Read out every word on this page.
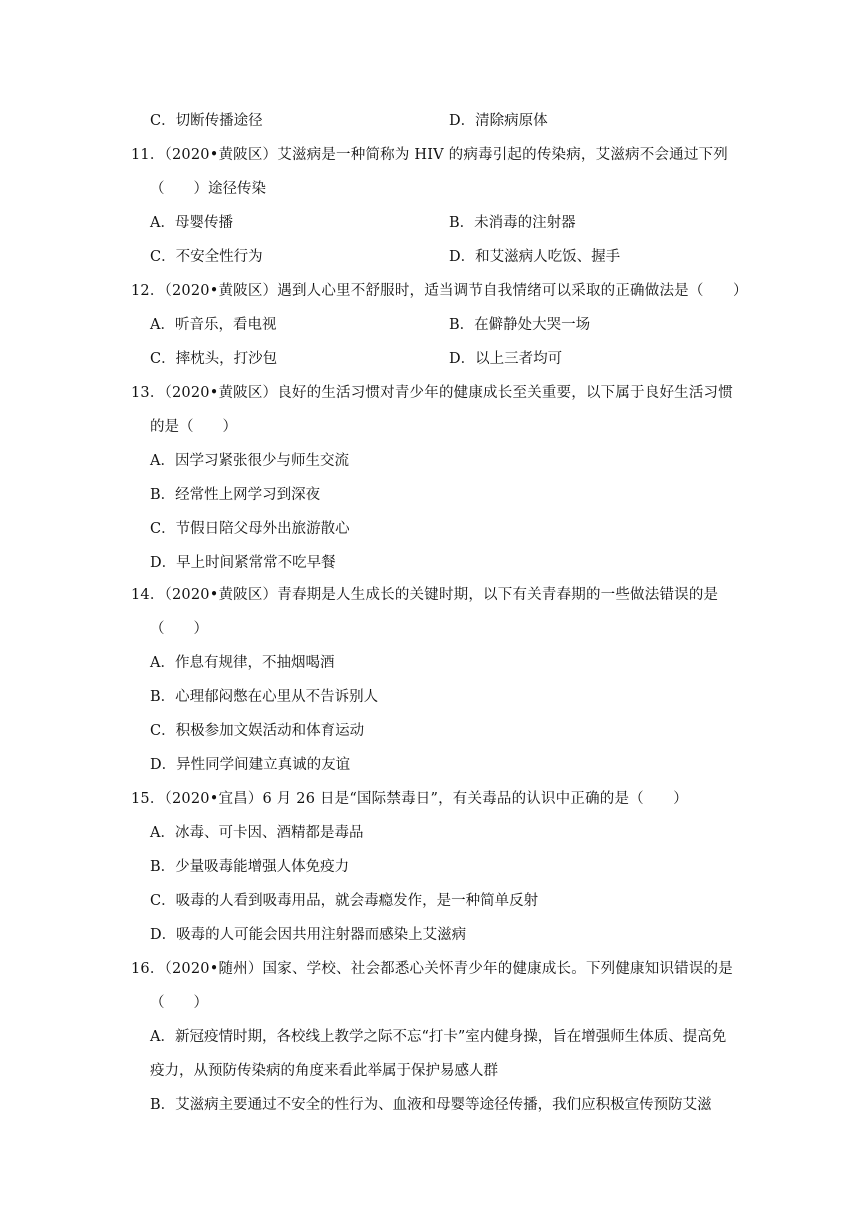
C．切断传播途径	D．清除病原体
11．（2020•黄陂区）艾滋病是一种简称为 HIV 的病毒引起的传染病，艾滋病不会通过下列
（　　）途径传染
A．母婴传播	B．未消毒的注射器
C．不安全性行为	D．和艾滋病人吃饭、握手
12．（2020•黄陂区）遇到人心里不舒服时，适当调节自我情绪可以采取的正确做法是（　　）
A．听音乐，看电视	B．在僻静处大哭一场
C．摔枕头，打沙包	D．以上三者均可
13．（2020•黄陂区）良好的生活习惯对青少年的健康成长至关重要，以下属于良好生活习惯
的是（　　）
A．因学习紧张很少与师生交流
B．经常性上网学习到深夜
C．节假日陪父母外出旅游散心
D．早上时间紧常常不吃早餐
14．（2020•黄陂区）青春期是人生成长的关键时期，以下有关青春期的一些做法错误的是
（　　）
A．作息有规律，不抽烟喝酒
B．心理郁闷憋在心里从不告诉别人
C．积极参加文娱活动和体育运动
D．异性同学间建立真诚的友谊
15．（2020•宜昌）6 月 26 日是“国际禁毒日”，有关毒品的认识中正确的是（　　）
A．冰毒、可卡因、酒精都是毒品
B．少量吸毒能增强人体免疫力
C．吸毒的人看到吸毒用品，就会毒瘾发作，是一种简单反射
D．吸毒的人可能会因共用注射器而感染上艾滋病
16．（2020•随州）国家、学校、社会都悉心关怀青少年的健康成长。下列健康知识错误的是
（　　）
A．新冠疫情时期，各校线上教学之际不忘“打卡”室内健身操，旨在增强师生体质、提高免疫力，从预防传染病的角度来看此举属于保护易感人群
B．艾滋病主要通过不安全的性行为、血液和母婴等途径传播，我们应积极宣传预防艾滋
